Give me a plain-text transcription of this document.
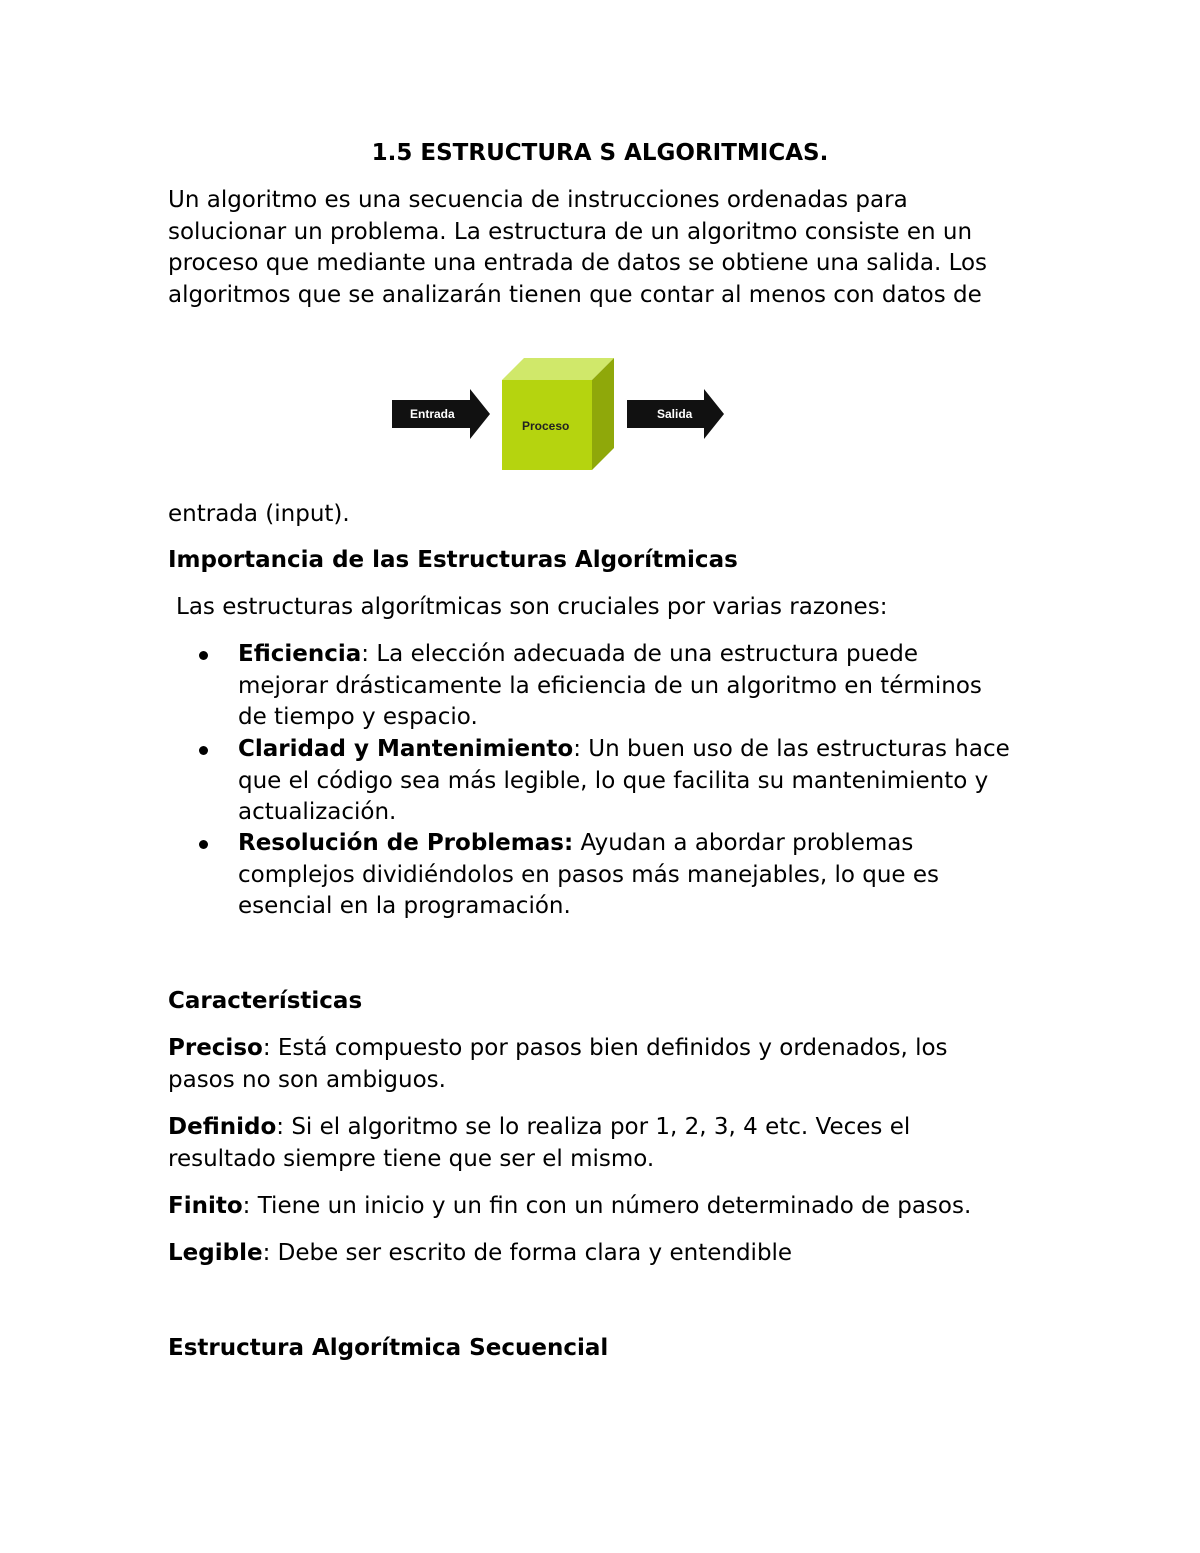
1.5 ESTRUCTURA S ALGORITMICAS.
Un algoritmo es una secuencia de instrucciones ordenadas para
solucionar un problema. La estructura de un algoritmo consiste en un
proceso que mediante una entrada de datos se obtiene una salida. Los
algoritmos que se analizarán tienen que contar al menos con datos de
Entrada
Proceso
Salida
entrada (input).
Importancia de las Estructuras Algorítmicas
Las estructuras algorítmicas son cruciales por varias razones:
Eficiencia: La elección adecuada de una estructura puede
mejorar drásticamente la eficiencia de un algoritmo en términos
de tiempo y espacio.
Claridad y Mantenimiento: Un buen uso de las estructuras hace
que el código sea más legible, lo que facilita su mantenimiento y
actualización.
Resolución de Problemas: Ayudan a abordar problemas
complejos dividiéndolos en pasos más manejables, lo que es
esencial en la programación.
Características
Preciso: Está compuesto por pasos bien definidos y ordenados, los
pasos no son ambiguos.
Definido: Si el algoritmo se lo realiza por 1, 2, 3, 4 etc. Veces el
resultado siempre tiene que ser el mismo.
Finito: Tiene un inicio y un fin con un número determinado de pasos.
Legible: Debe ser escrito de forma clara y entendible
Estructura Algorítmica Secuencial
